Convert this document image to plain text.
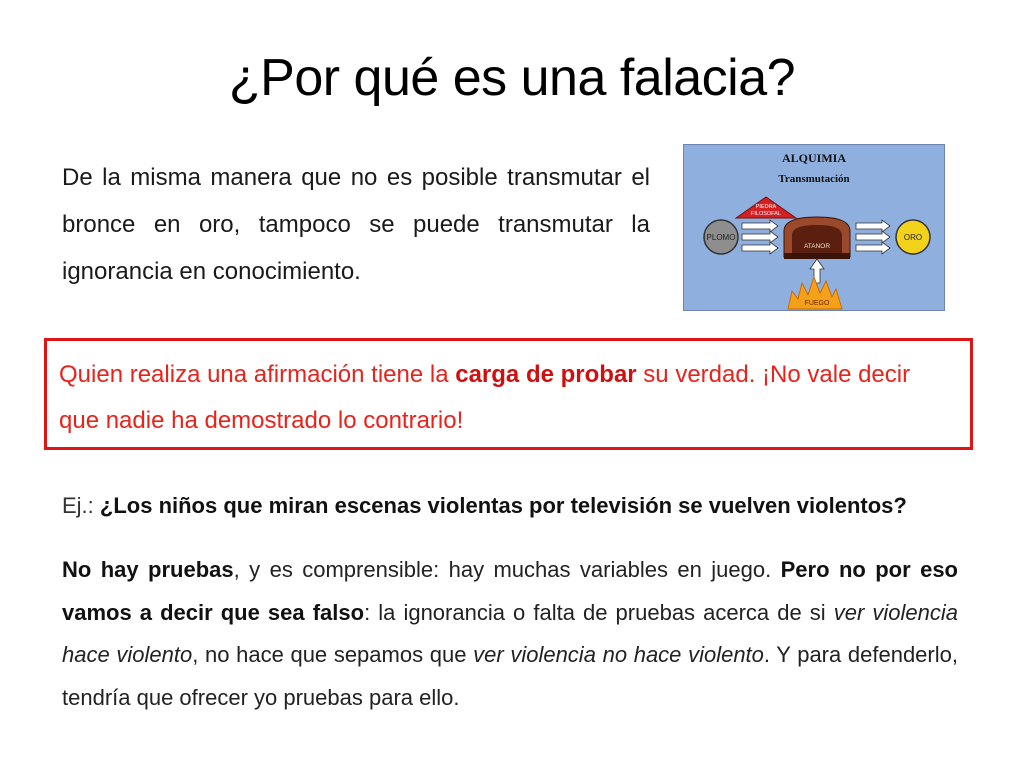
¿Por qué es una falacia?

De la misma manera que no es posible transmutar el bronce en oro, tampoco se puede transmutar la ignorancia en conocimiento.

ALQUIMIA
Transmutación
PIEDRA
FILOSOFAL
PLOMO
ATANOR
ORO
FUEGO

Quien realiza una afirmación tiene la carga de probar su verdad. ¡No vale decir que nadie ha demostrado lo contrario!

Ej.: ¿Los niños que miran escenas violentas por televisión se vuelven violentos?

No hay pruebas, y es comprensible: hay muchas variables en juego. Pero no por eso vamos a decir que sea falso: la ignorancia o falta de pruebas acerca de si ver violencia hace violento, no hace que sepamos que ver violencia no hace violento. Y para defenderlo, tendría que ofrecer yo pruebas para ello.
